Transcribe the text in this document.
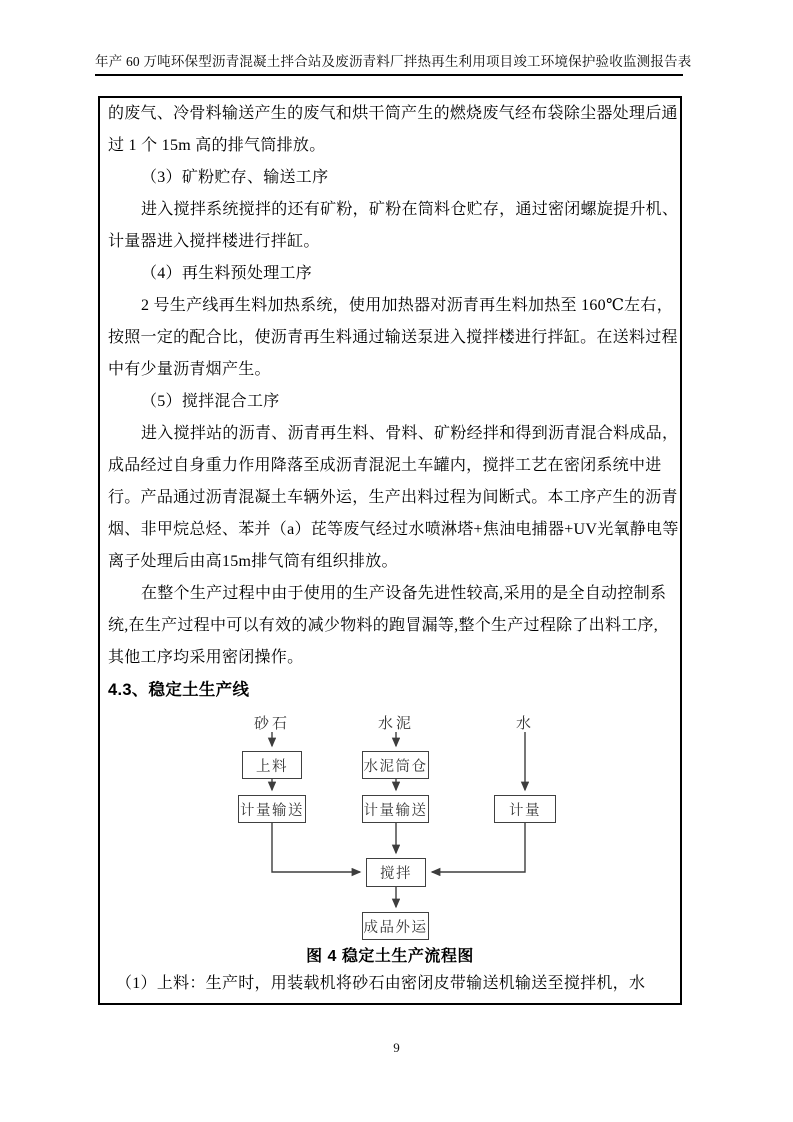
年产 60 万吨环保型沥青混凝土拌合站及废沥青料厂拌热再生利用项目竣工环境保护验收监测报告表
的废气、冷骨料输送产生的废气和烘干筒产生的燃烧废气经布袋除尘器处理后通
过 1 个 15m 高的排气筒排放。
（3）矿粉贮存、输送工序
进入搅拌系统搅拌的还有矿粉，矿粉在筒料仓贮存，通过密闭螺旋提升机、
计量器进入搅拌楼进行拌缸。
（4）再生料预处理工序
2 号生产线再生料加热系统，使用加热器对沥青再生料加热至 160℃左右，
按照一定的配合比，使沥青再生料通过输送泵进入搅拌楼进行拌缸。在送料过程
中有少量沥青烟产生。
（5）搅拌混合工序
进入搅拌站的沥青、沥青再生料、骨料、矿粉经拌和得到沥青混合料成品，
成品经过自身重力作用降落至成沥青混泥土车罐内，搅拌工艺在密闭系统中进
行。产品通过沥青混凝土车辆外运，生产出料过程为间断式。本工序产生的沥青
烟、非甲烷总烃、苯并（a）芘等废气经过水喷淋塔+焦油电捕器+UV光氧静电等
离子处理后由高15m排气筒有组织排放。
在整个生产过程中由于使用的生产设备先进性较高,采用的是全自动控制系
统,在生产过程中可以有效的减少物料的跑冒漏等,整个生产过程除了出料工序,
其他工序均采用密闭操作。
4.3、稳定土生产线
砂石	水泥	水
上料	水泥筒仓
计量输送	计量输送	计量
搅拌
成品外运
图 4 稳定土生产流程图
（1）上料：生产时，用装载机将砂石由密闭皮带输送机输送至搅拌机，水
9
